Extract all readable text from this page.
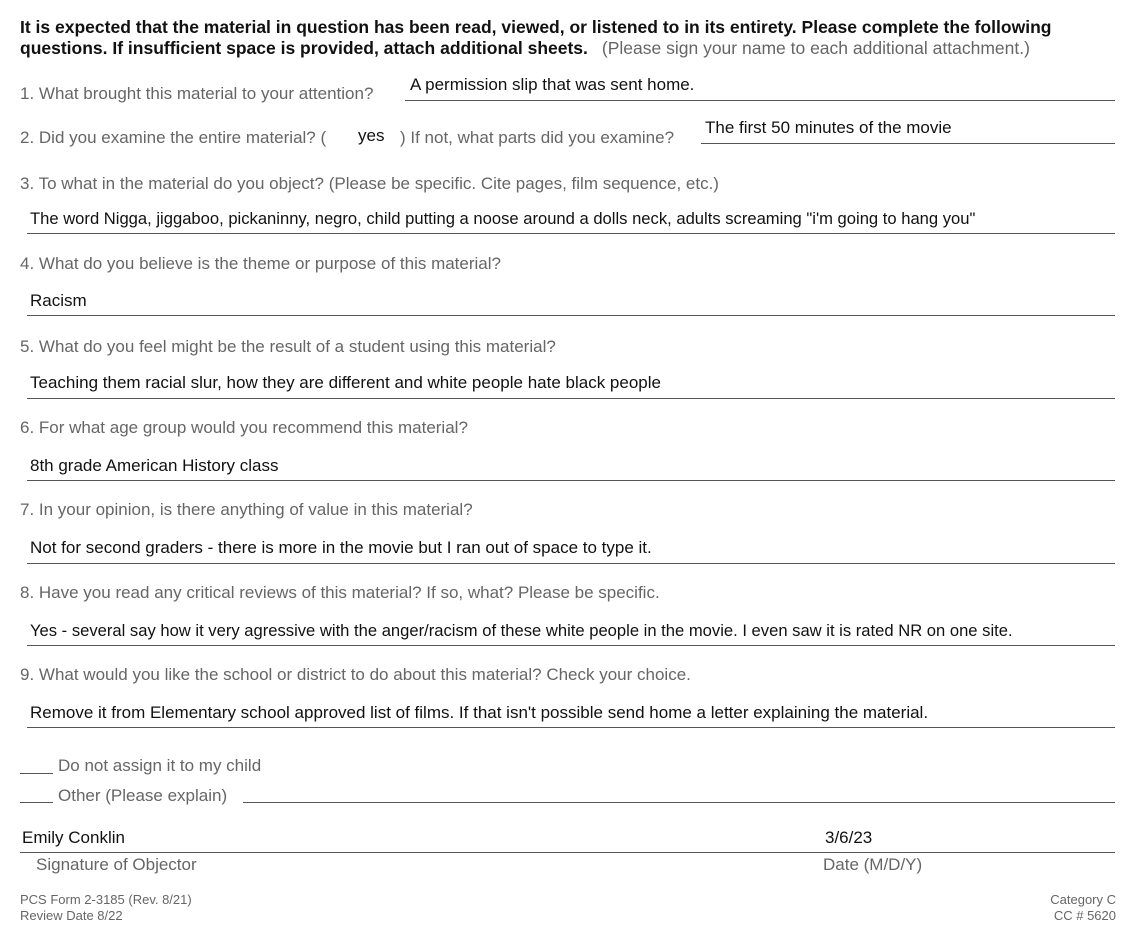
It is expected that the material in question has been read, viewed, or listened to in its entirety. Please complete the following questions. If insufficient space is provided, attach additional sheets. (Please sign your name to each additional attachment.)
1. What brought this material to your attention? A permission slip that was sent home.
2. Did you examine the entire material? ( yes ) If not, what parts did you examine?
The first 50 minutes of the movie
3. To what in the material do you object? (Please be specific. Cite pages, film sequence, etc.)
The word Nigga, jiggaboo, pickaninny, negro, child putting a noose around a dolls neck, adults screaming "i'm going to hang you"
4. What do you believe is the theme or purpose of this material?
Racism
5. What do you feel might be the result of a student using this material?
Teaching them racial slur, how they are different and white people hate black people
6. For what age group would you recommend this material?
8th grade American History class
7. In your opinion, is there anything of value in this material?
Not for second graders - there is more in the movie but I ran out of space to type it.
8. Have you read any critical reviews of this material? If so, what? Please be specific.
Yes - several say how it very agressive with the anger/racism of these white people in the movie. I even saw it is rated NR on one site.
9. What would you like the school or district to do about this material? Check your choice.
Remove it from Elementary school approved list of films. If that isn't possible send home a letter explaining the material.
Do not assign it to my child
Other (Please explain)
Emily Conklin	3/6/23
Signature of Objector	Date (M/D/Y)
PCS Form 2-3185 (Rev. 8/21)
Review Date 8/22
Category C
CC # 5620
